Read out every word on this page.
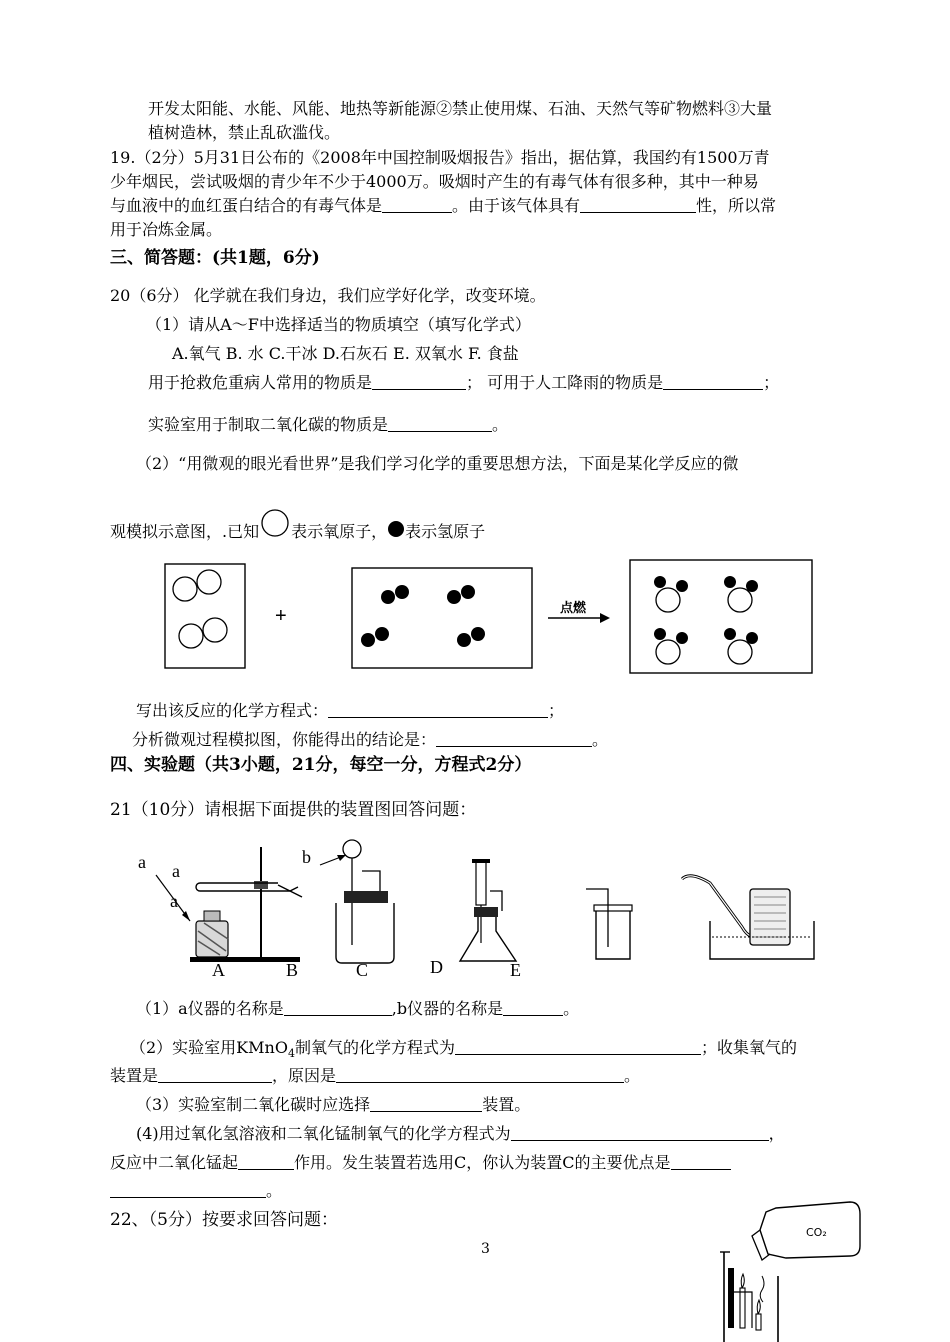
开发太阳能、水能、风能、地热等新能源②禁止使用煤、石油、天然气等矿物燃料③大量
植树造林，禁止乱砍滥伐。
19.（2分）5月31日公布的《2008年中国控制吸烟报告》指出，据估算，我国约有1500万青
少年烟民，尝试吸烟的青少年不少于4000万。吸烟时产生的有毒气体有很多种，其中一种易
与血液中的血红蛋白结合的有毒气体是	。由于该气体具有	性，所以常
用于冶炼金属。
三、简答题：(共1题，6分)
20（6分） 化学就在我们身边，我们应学好化学，改变环境。
（1）请从A～F中选择适当的物质填空（填写化学式）
A.氧气 B. 水 C.干冰 D.石灰石 E. 双氧水 F. 食盐
用于抢救危重病人常用的物质是	； 可用于人工降雨的物质是	；
实验室用于制取二氧化碳的物质是	。
（2）“用微观的眼光看世界”是我们学习化学的重要思想方法，下面是某化学反应的微
观模拟示意图，.已知 表示氧原子， 表示氢原子
+	点燃
写出该反应的化学方程式：	；
分析微观过程模拟图，你能得出的结论是：	。
四、实验题（共3小题，21分，每空一分，方程式2分）
21（10分）请根据下面提供的装置图回答问题：
a a
a
A	B
b
C	D	E
（1）a仪器的名称是	,b仪器的名称是	。
（2）实验室用KMnO$_4$制氧气的化学方程式为	；收集氧气的
装置是	，原因是	。
（3）实验室制二氧化碳时应选择	装置。
(4)用过氧化氢溶液和二氧化锰制氧气的化学方程式为	，
反应中二氧化锰起	作用。发生装置若选用C，你认为装置C的主要优点是
。
22、（5分）按要求回答问题：
CO₂
3
